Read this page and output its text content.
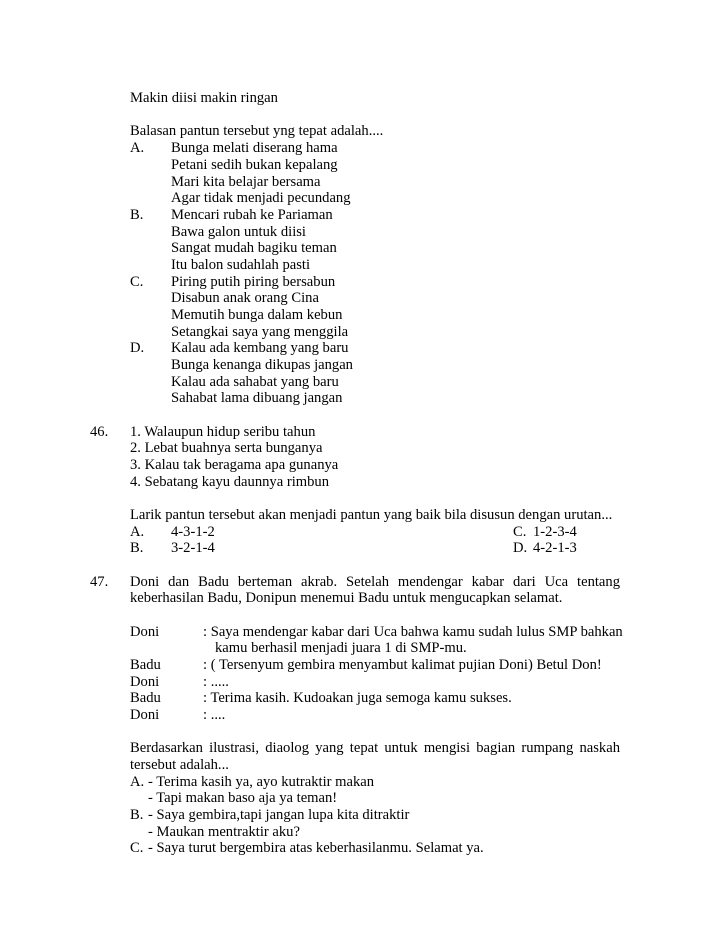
Makin diisi makin ringan
Balasan pantun tersebut yng tepat adalah....
A. Bunga melati diserang hama
Petani sedih bukan kepalang
Mari kita belajar bersama
Agar tidak menjadi pecundang
B. Mencari rubah ke Pariaman
Bawa galon untuk diisi
Sangat mudah bagiku teman
Itu balon sudahlah pasti
C. Piring putih piring bersabun
Disabun anak orang Cina
Memutih bunga dalam kebun
Setangkai saya yang menggila
D. Kalau ada kembang yang baru
Bunga kenanga dikupas jangan
Kalau ada sahabat yang baru
Sahabat lama dibuang jangan
46. 1. Walaupun hidup seribu tahun
2. Lebat buahnya serta bunganya
3. Kalau tak beragama apa gunanya
4. Sebatang kayu daunnya rimbun
Larik pantun tersebut akan menjadi pantun yang baik bila disusun dengan urutan...
A. 4-3-1-2	C. 1-2-3-4
B. 3-2-1-4	D. 4-2-1-3
47. Doni dan Badu berteman akrab. Setelah mendengar kabar dari Uca tentang
keberhasilan Badu, Donipun menemui Badu untuk mengucapkan selamat.
Doni	: Saya mendengar kabar dari Uca bahwa kamu sudah lulus SMP bahkan
kamu berhasil menjadi juara 1 di SMP-mu.
Badu	: ( Tersenyum gembira menyambut kalimat pujian Doni) Betul Don!
Doni	: .....
Badu	: Terima kasih. Kudoakan juga semoga kamu sukses.
Doni	: ....
Berdasarkan ilustrasi, diaolog yang tepat untuk mengisi bagian rumpang naskah
tersebut adalah...
A. - Terima kasih ya, ayo kutraktir makan
- Tapi makan baso aja ya teman!
B. - Saya gembira,tapi jangan lupa kita ditraktir
- Maukan mentraktir aku?
C. - Saya turut bergembira atas keberhasilanmu. Selamat ya.
